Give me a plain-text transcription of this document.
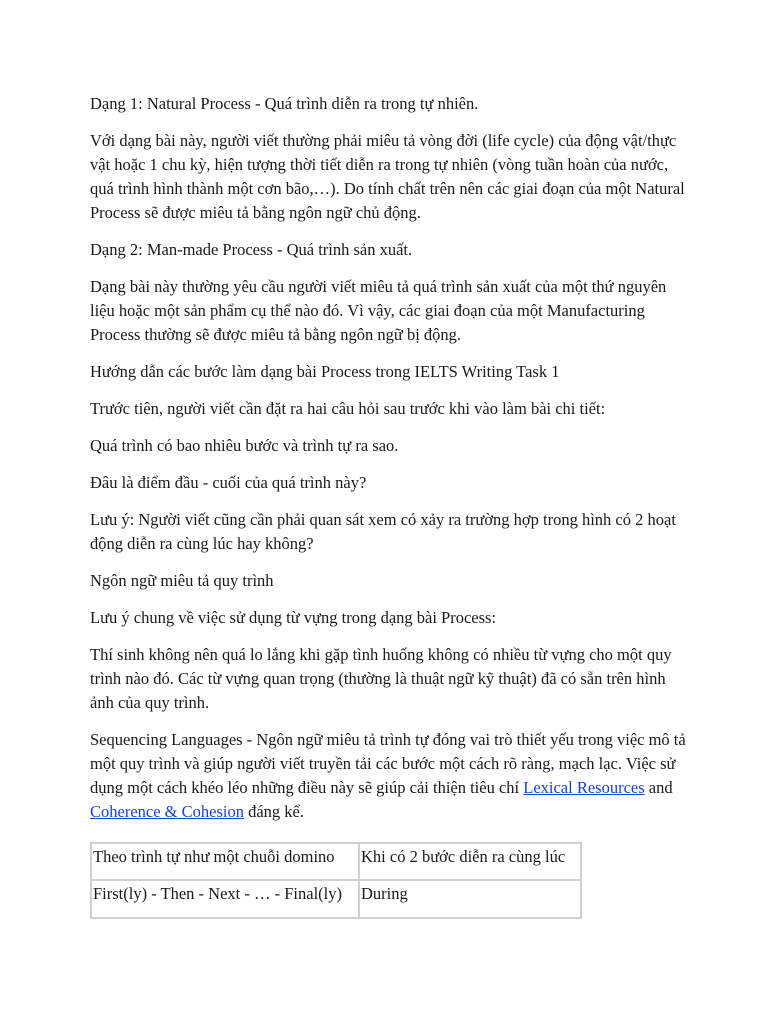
Dạng 1: Natural Process - Quá trình diễn ra trong tự nhiên.

Với dạng bài này, người viết thường phải miêu tả vòng đời (life cycle) của động vật/thực vật hoặc 1 chu kỳ, hiện tượng thời tiết diễn ra trong tự nhiên (vòng tuần hoàn của nước, quá trình hình thành một cơn bão,…). Do tính chất trên nên các giai đoạn của một Natural Process sẽ được miêu tả bằng ngôn ngữ chủ động.

Dạng 2: Man-made Process - Quá trình sản xuất.

Dạng bài này thường yêu cầu người viết miêu tả quá trình sản xuất của một thứ nguyên liệu hoặc một sản phẩm cụ thể nào đó. Vì vậy, các giai đoạn của một Manufacturing Process thường sẽ được miêu tả bằng ngôn ngữ bị động.

Hướng dẫn các bước làm dạng bài Process trong IELTS Writing Task 1

Trước tiên, người viết cần đặt ra hai câu hỏi sau trước khi vào làm bài chi tiết:

Quá trình có bao nhiêu bước và trình tự ra sao.

Đâu là điểm đầu - cuối của quá trình này?

Lưu ý: Người viết cũng cần phải quan sát xem có xảy ra trường hợp trong hình có 2 hoạt động diễn ra cùng lúc hay không?

Ngôn ngữ miêu tả quy trình

Lưu ý chung về việc sử dụng từ vựng trong dạng bài Process:

Thí sinh không nên quá lo lắng khi gặp tình huống không có nhiều từ vựng cho một quy trình nào đó. Các từ vựng quan trọng (thường là thuật ngữ kỹ thuật) đã có sẵn trên hình ảnh của quy trình.

Sequencing Languages - Ngôn ngữ miêu tả trình tự đóng vai trò thiết yếu trong việc mô tả một quy trình và giúp người viết truyền tải các bước một cách rõ ràng, mạch lạc. Việc sử dụng một cách khéo léo những điều này sẽ giúp cải thiện tiêu chí Lexical Resources and Coherence & Cohesion đáng kể.

Theo trình tự như một chuỗi domino	Khi có 2 bước diễn ra cùng lúc
First(ly) - Then - Next - … - Final(ly)	During
